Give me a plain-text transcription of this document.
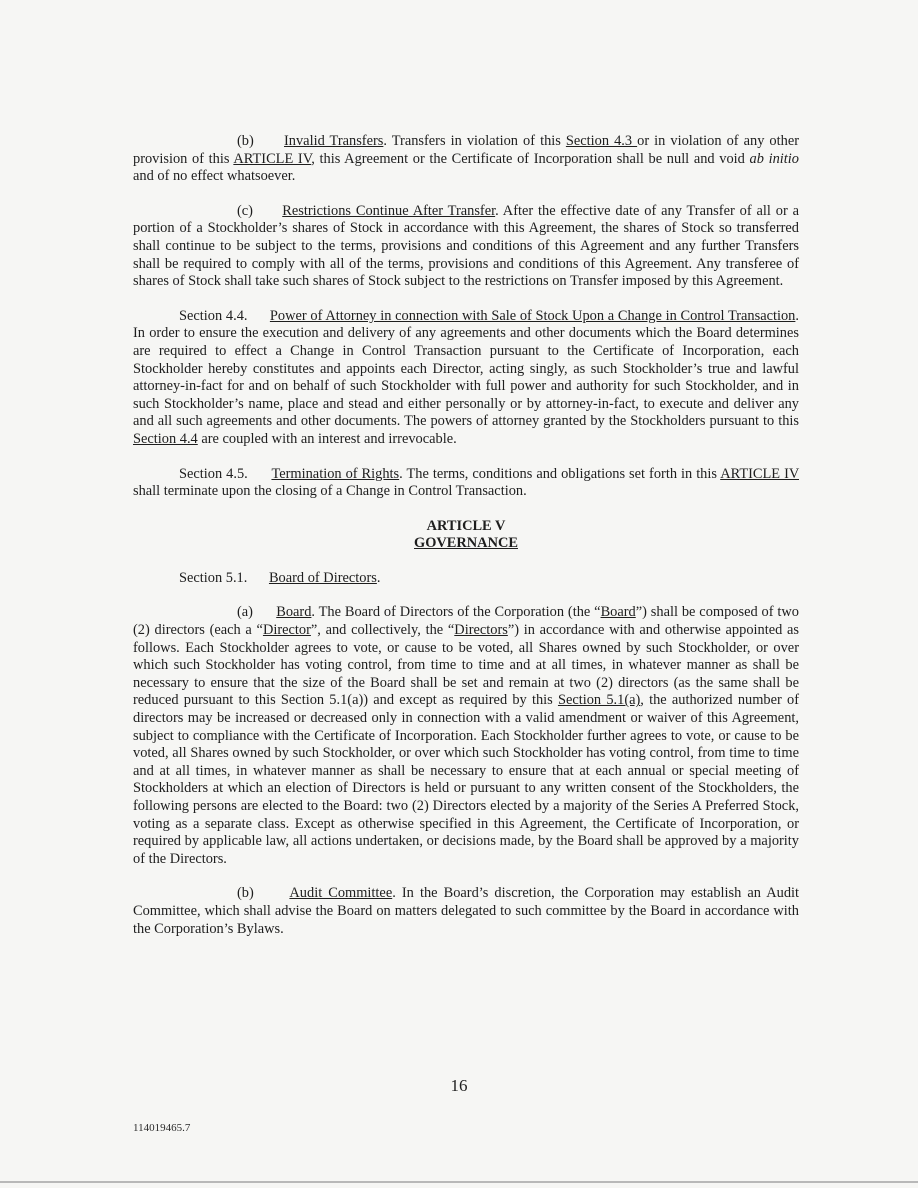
(b) Invalid Transfers. Transfers in violation of this Section 4.3 or in violation of any other provision of this ARTICLE IV, this Agreement or the Certificate of Incorporation shall be null and void ab initio and of no effect whatsoever.

(c) Restrictions Continue After Transfer. After the effective date of any Transfer of all or a portion of a Stockholder’s shares of Stock in accordance with this Agreement, the shares of Stock so transferred shall continue to be subject to the terms, provisions and conditions of this Agreement and any further Transfers shall be required to comply with all of the terms, provisions and conditions of this Agreement. Any transferee of shares of Stock shall take such shares of Stock subject to the restrictions on Transfer imposed by this Agreement.

Section 4.4. Power of Attorney in connection with Sale of Stock Upon a Change in Control Transaction. In order to ensure the execution and delivery of any agreements and other documents which the Board determines are required to effect a Change in Control Transaction pursuant to the Certificate of Incorporation, each Stockholder hereby constitutes and appoints each Director, acting singly, as such Stockholder’s true and lawful attorney-in-fact for and on behalf of such Stockholder with full power and authority for such Stockholder, and in such Stockholder’s name, place and stead and either personally or by attorney-in-fact, to execute and deliver any and all such agreements and other documents. The powers of attorney granted by the Stockholders pursuant to this Section 4.4 are coupled with an interest and irrevocable.

Section 4.5. Termination of Rights. The terms, conditions and obligations set forth in this ARTICLE IV shall terminate upon the closing of a Change in Control Transaction.

ARTICLE V

GOVERNANCE

Section 5.1. Board of Directors.

(a) Board. The Board of Directors of the Corporation (the “Board”) shall be composed of two (2) directors (each a “Director”, and collectively, the “Directors”) in accordance with and otherwise appointed as follows. Each Stockholder agrees to vote, or cause to be voted, all Shares owned by such Stockholder, or over which such Stockholder has voting control, from time to time and at all times, in whatever manner as shall be necessary to ensure that the size of the Board shall be set and remain at two (2) directors (as the same shall be reduced pursuant to this Section 5.1(a)) and except as required by this Section 5.1(a), the authorized number of directors may be increased or decreased only in connection with a valid amendment or waiver of this Agreement, subject to compliance with the Certificate of Incorporation. Each Stockholder further agrees to vote, or cause to be voted, all Shares owned by such Stockholder, or over which such Stockholder has voting control, from time to time and at all times, in whatever manner as shall be necessary to ensure that at each annual or special meeting of Stockholders at which an election of Directors is held or pursuant to any written consent of the Stockholders, the following persons are elected to the Board: two (2) Directors elected by a majority of the Series A Preferred Stock, voting as a separate class. Except as otherwise specified in this Agreement, the Certificate of Incorporation, or required by applicable law, all actions undertaken, or decisions made, by the Board shall be approved by a majority of the Directors.

(b) Audit Committee. In the Board’s discretion, the Corporation may establish an Audit Committee, which shall advise the Board on matters delegated to such committee by the Board in accordance with the Corporation’s Bylaws.

16
114019465.7
